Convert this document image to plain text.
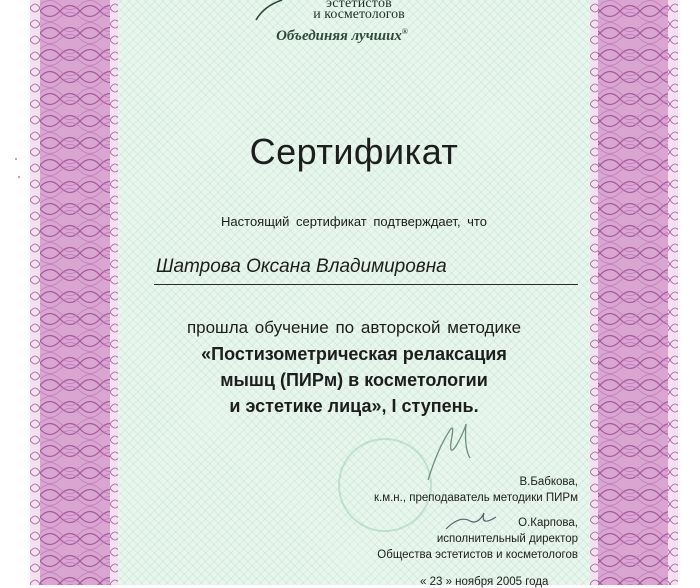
эстетистов
и косметологов
Объединяя лучших®
Сертификат
Настоящий сертификат подтверждает, что
Шатрова Оксана Владимировна
прошла обучение по авторской методике
«Постизометрическая релаксация
мышц (ПИРм) в косметологии
и эстетике лица», I ступень.
В.Бабкова,
к.м.н., преподаватель методики ПИРм
О.Карпова,
исполнительный директор
Общества эстетистов и косметологов
« 23 » ноября 2005 года
